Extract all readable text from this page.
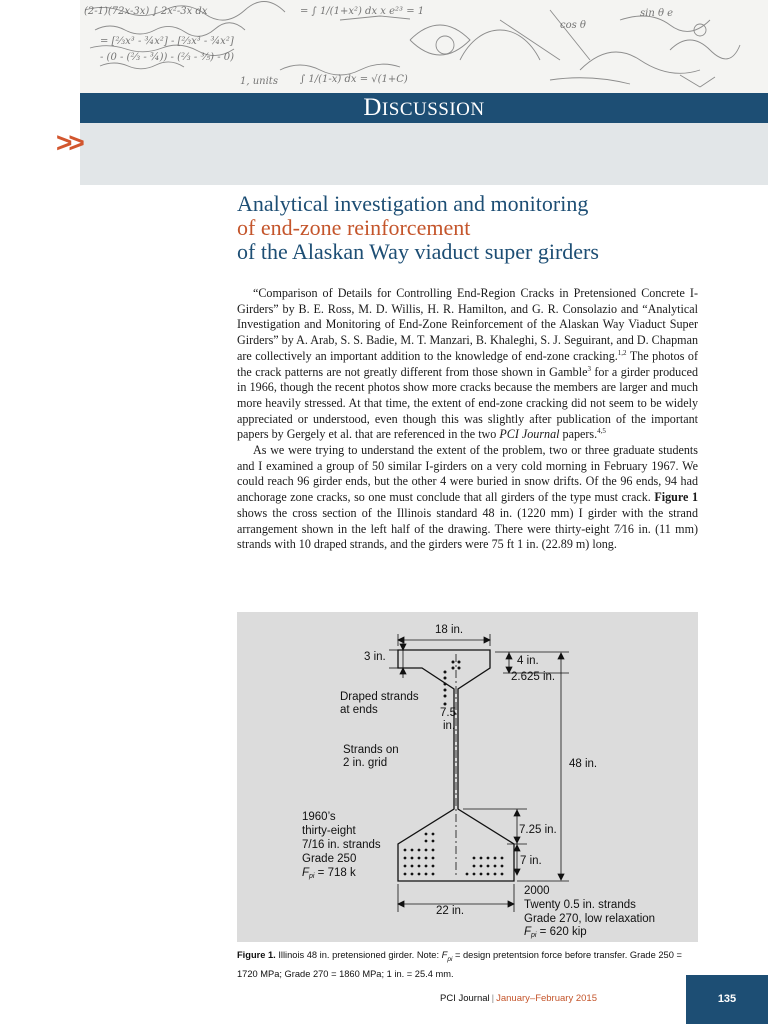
(2-1)(72x-3x) ∫ 2x²-3x dx
= [⅔x³ - ¾x²] - [⅔x³ - ¾x²]
- (0 - (⅔ - ¾)) - (⅔ - ⅗) - 0)
= ∫ 1/(1+x²) dx x e²³ = 1
∫ 1/(1-x) dx = √(1+C)
cos θ
sin θ e
1, units
DISCUSSION
>>
Analytical investigation and monitoring
of end-zone reinforcement
of the Alaskan Way viaduct super girders

“Comparison of Details for Controlling End-Region Cracks in Pretensioned Concrete I-Girders” by B. E. Ross, M. D. Willis, H. R. Hamilton, and G. R. Consolazio and “Analytical Investigation and Monitoring of End-Zone Reinforcement of the Alaskan Way Viaduct Super Girders” by A. Arab, S. S. Badie, M. T. Manzari, B. Khaleghi, S. J. Seguirant, and D. Chapman are collectively an important addition to the knowledge of end-zone cracking.$^{1,2}$ The photos of the crack patterns are not greatly different from those shown in Gamble$^3$ for a girder produced in 1966, though the recent photos show more cracks because the members are larger and much more heavily stressed. At that time, the extent of end-zone cracking did not seem to be widely appreciated or understood, even though this was slightly after publication of the important papers by Gergely et al. that are referenced in the two PCI Journal papers.$^{4,5}$

As we were trying to understand the extent of the problem, two or three graduate students and I examined a group of 50 similar I-girders on a very cold morning in February 1967. We could reach 96 girder ends, but the other 4 were buried in snow drifts. Of the 96 ends, 94 had anchorage zone cracks, so one must conclude that all girders of the type must crack. Figure 1 shows the cross section of the Illinois standard 48 in. (1220 mm) I girder with the strand arrangement shown in the left half of the drawing. There were thirty-eight 7⁄16 in. (11 mm) strands with 10 draped strands, and the girders were 75 ft 1 in. (22.89 m) long.

18 in.
3 in.	4 in.
2.625 in.
48 in.
7.5
in.
7.25 in.
7 in.
22 in.
Draped strands
at ends
Strands on
2 in. grid
1960’s
thirty-eight
7/16 in. strands
Grade 250
Fpi = 718 k
2000
Twenty 0.5 in. strands
Grade 270, low relaxation
Fpi = 620 kip
Figure 1. Illinois 48 in. pretensioned girder. Note: $F_{pi}$ = design pretentsion force before transfer. Grade 250 = 1720 MPa; Grade 270 = 1860 MPa; 1 in. = 25.4 mm.
PCI Journal | January–February 2015	135
